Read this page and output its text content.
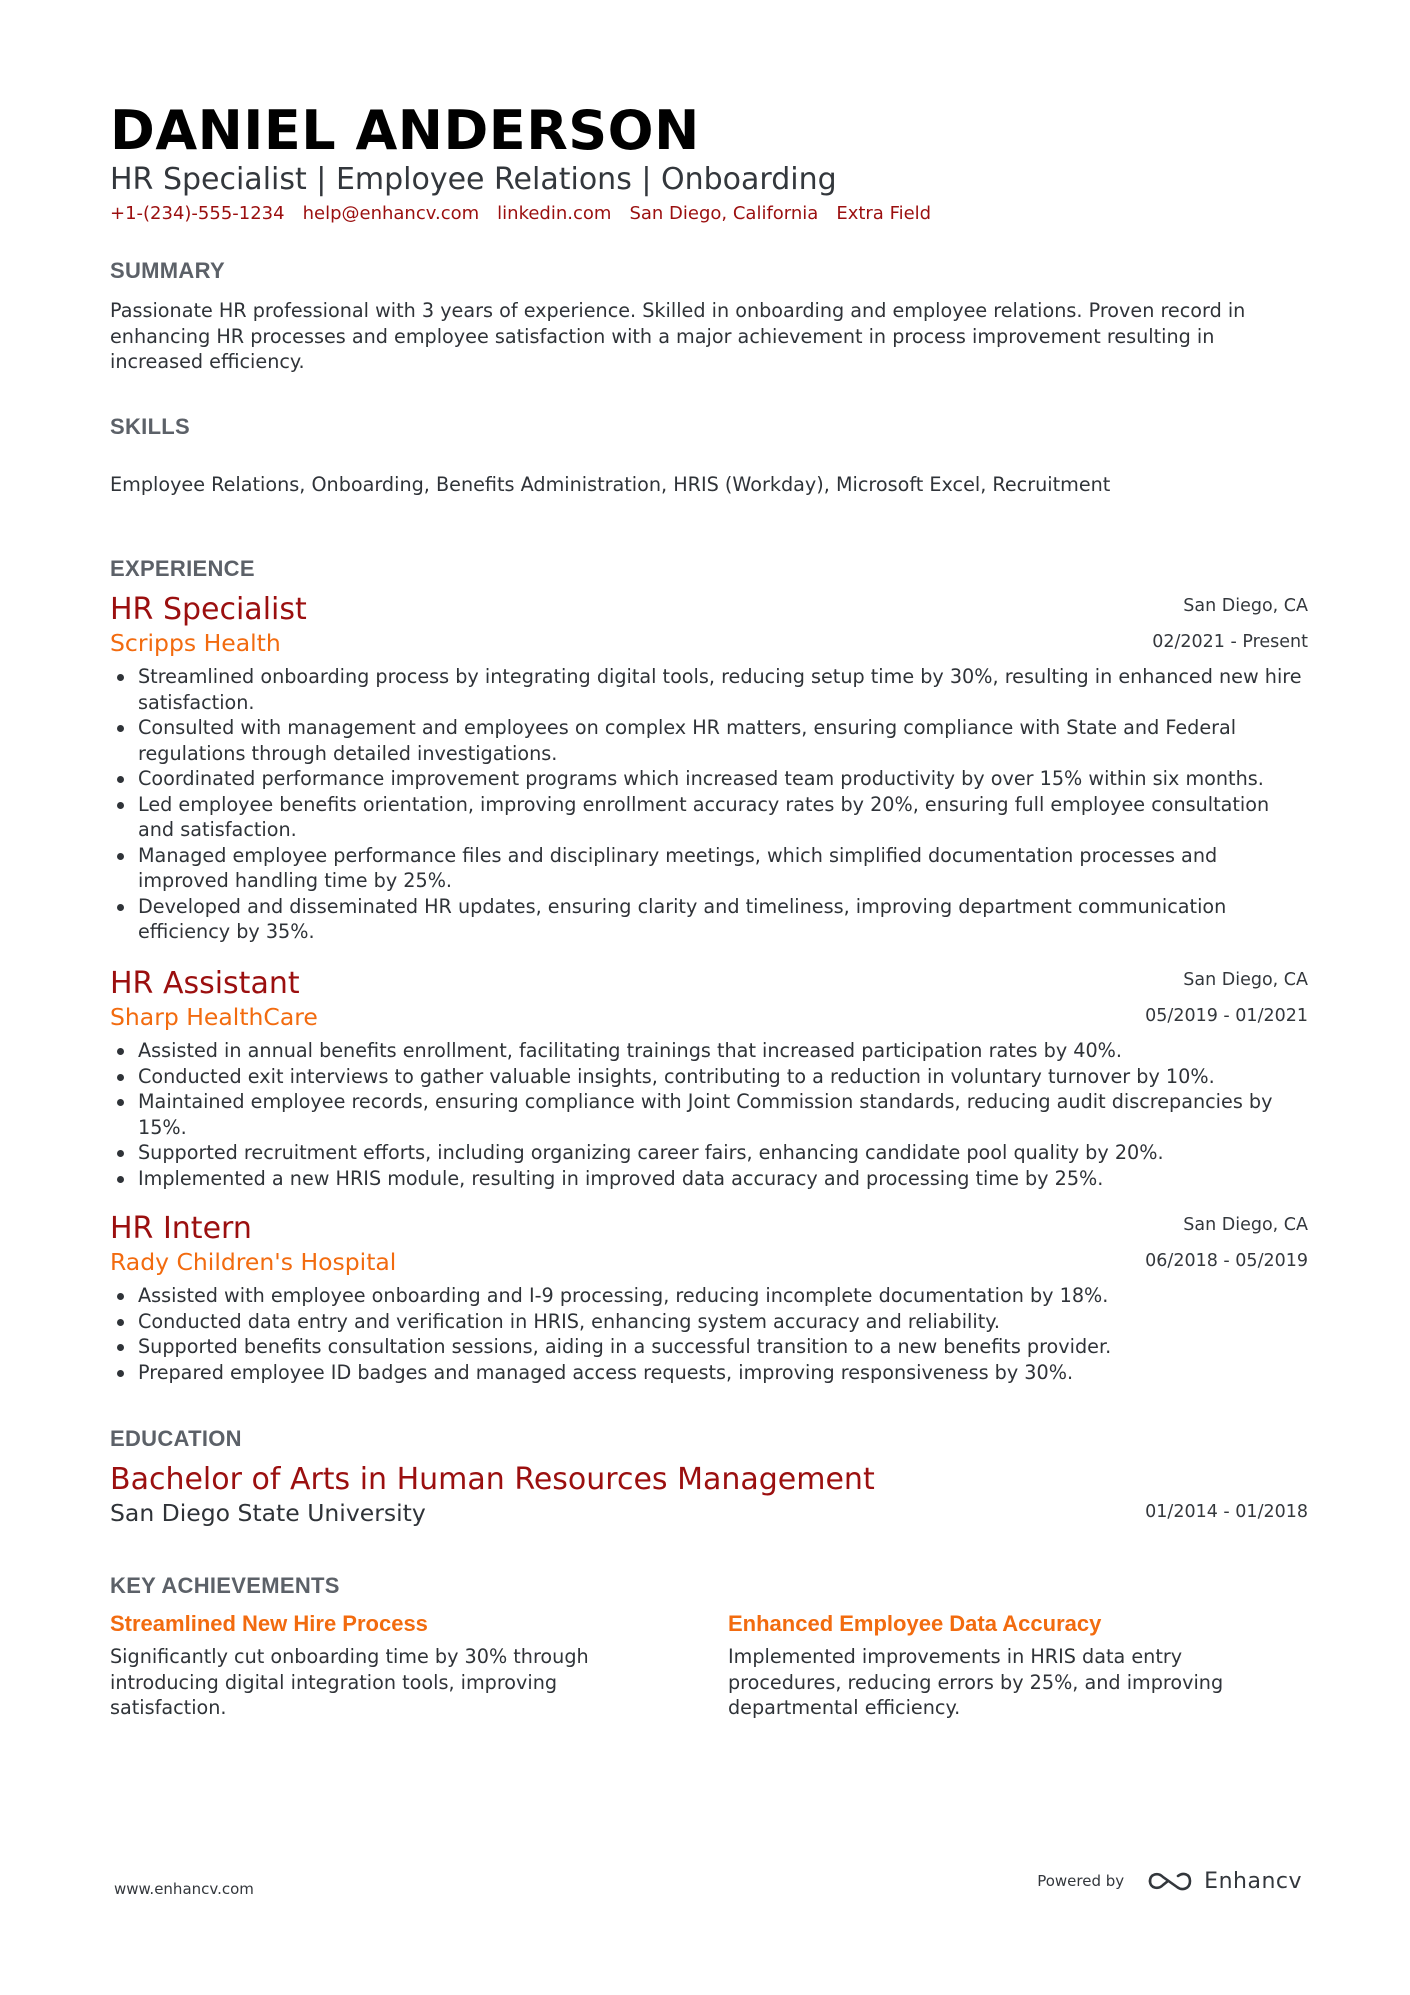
DANIEL ANDERSON

HR Specialist | Employee Relations | Onboarding

+1-(234)-555-1234 help@enhancv.com linkedin.com San Diego, California Extra Field
SUMMARY

Passionate HR professional with 3 years of experience. Skilled in onboarding and employee relations. Proven record in enhancing HR processes and employee satisfaction with a major achievement in process improvement resulting in increased efficiency.

SKILLS

Employee Relations, Onboarding, Benefits Administration, HRIS (Workday), Microsoft Excel, Recruitment

EXPERIENCE
San Diego, CA
02/2021 - Present

HR Specialist

Scripps Health

Streamlined onboarding process by integrating digital tools, reducing setup time by 30%, resulting in enhanced new hire satisfaction.
Consulted with management and employees on complex HR matters, ensuring compliance with State and Federal regulations through detailed investigations.
Coordinated performance improvement programs which increased team productivity by over 15% within six months.
Led employee benefits orientation, improving enrollment accuracy rates by 20%, ensuring full employee consultation and satisfaction.
Managed employee performance files and disciplinary meetings, which simplified documentation processes and improved handling time by 25%.
Developed and disseminated HR updates, ensuring clarity and timeliness, improving department communication efficiency by 35%.
San Diego, CA
05/2019 - 01/2021

HR Assistant

Sharp HealthCare

Assisted in annual benefits enrollment, facilitating trainings that increased participation rates by 40%.
Conducted exit interviews to gather valuable insights, contributing to a reduction in voluntary turnover by 10%.
Maintained employee records, ensuring compliance with Joint Commission standards, reducing audit discrepancies by 15%.
Supported recruitment efforts, including organizing career fairs, enhancing candidate pool quality by 20%.
Implemented a new HRIS module, resulting in improved data accuracy and processing time by 25%.
San Diego, CA
06/2018 - 05/2019

HR Intern

Rady Children's Hospital

Assisted with employee onboarding and I-9 processing, reducing incomplete documentation by 18%.
Conducted data entry and verification in HRIS, enhancing system accuracy and reliability.
Supported benefits consultation sessions, aiding in a successful transition to a new benefits provider.
Prepared employee ID badges and managed access requests, improving responsiveness by 30%.
EDUCATION
01/2014 - 01/2018

Bachelor of Arts in Human Resources Management

San Diego State University

KEY ACHIEVEMENTS

Streamlined New Hire Process

Significantly cut onboarding time by 30% through introducing digital integration tools, improving satisfaction.

Enhanced Employee Data Accuracy

Implemented improvements in HRIS data entry procedures, reducing errors by 25%, and improving departmental efficiency.

www.enhancv.com	Powered by	Enhancv
